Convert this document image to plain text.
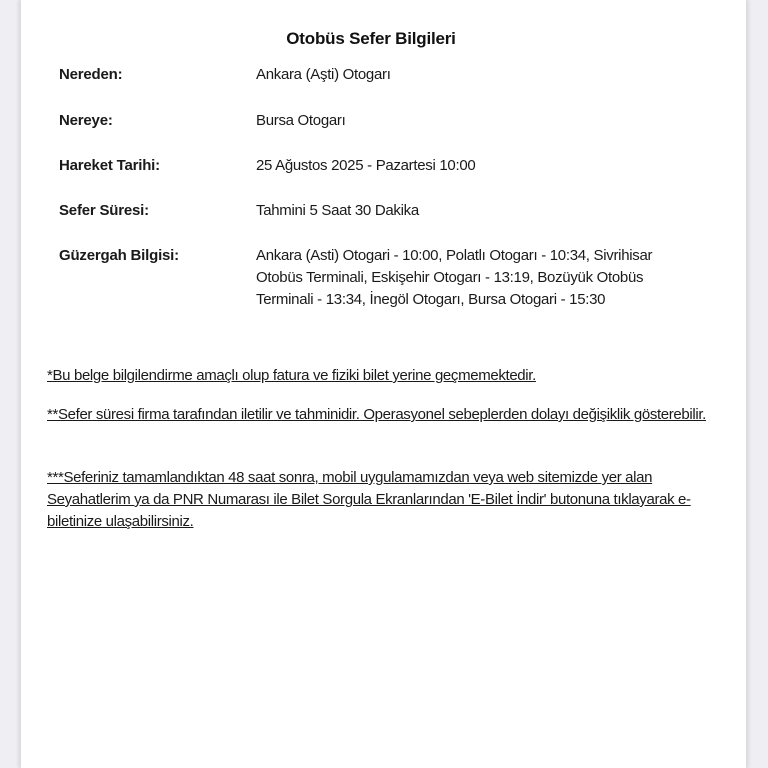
Otobüs Sefer Bilgileri
Nereden:	Ankara (Aşti) Otogarı
Nereye:	Bursa Otogarı
Hareket Tarihi:	25 Ağustos 2025 - Pazartesi 10:00
Sefer Süresi:	Tahmini 5 Saat 30 Dakika
Güzergah Bilgisi:	Ankara (Asti) Otogari - 10:00, Polatlı Otogarı - 10:34, Sivrihisar Otobüs Terminali, Eskişehir Otogarı - 13:19, Bozüyük Otobüs Terminali - 13:34, İnegöl Otogarı, Bursa Otogari - 15:30
*Bu belge bilgilendirme amaçlı olup fatura ve fiziki bilet yerine geçmemektedir.
**Sefer süresi firma tarafından iletilir ve tahminidir. Operasyonel sebeplerden dolayı değişiklik gösterebilir.
***Seferiniz tamamlandıktan 48 saat sonra, mobil uygulamamızdan veya web sitemizde yer alan Seyahatlerim ya da PNR Numarası ile Bilet Sorgula Ekranlarından 'E-Bilet İndir' butonuna tıklayarak e-biletinize ulaşabilirsiniz.
